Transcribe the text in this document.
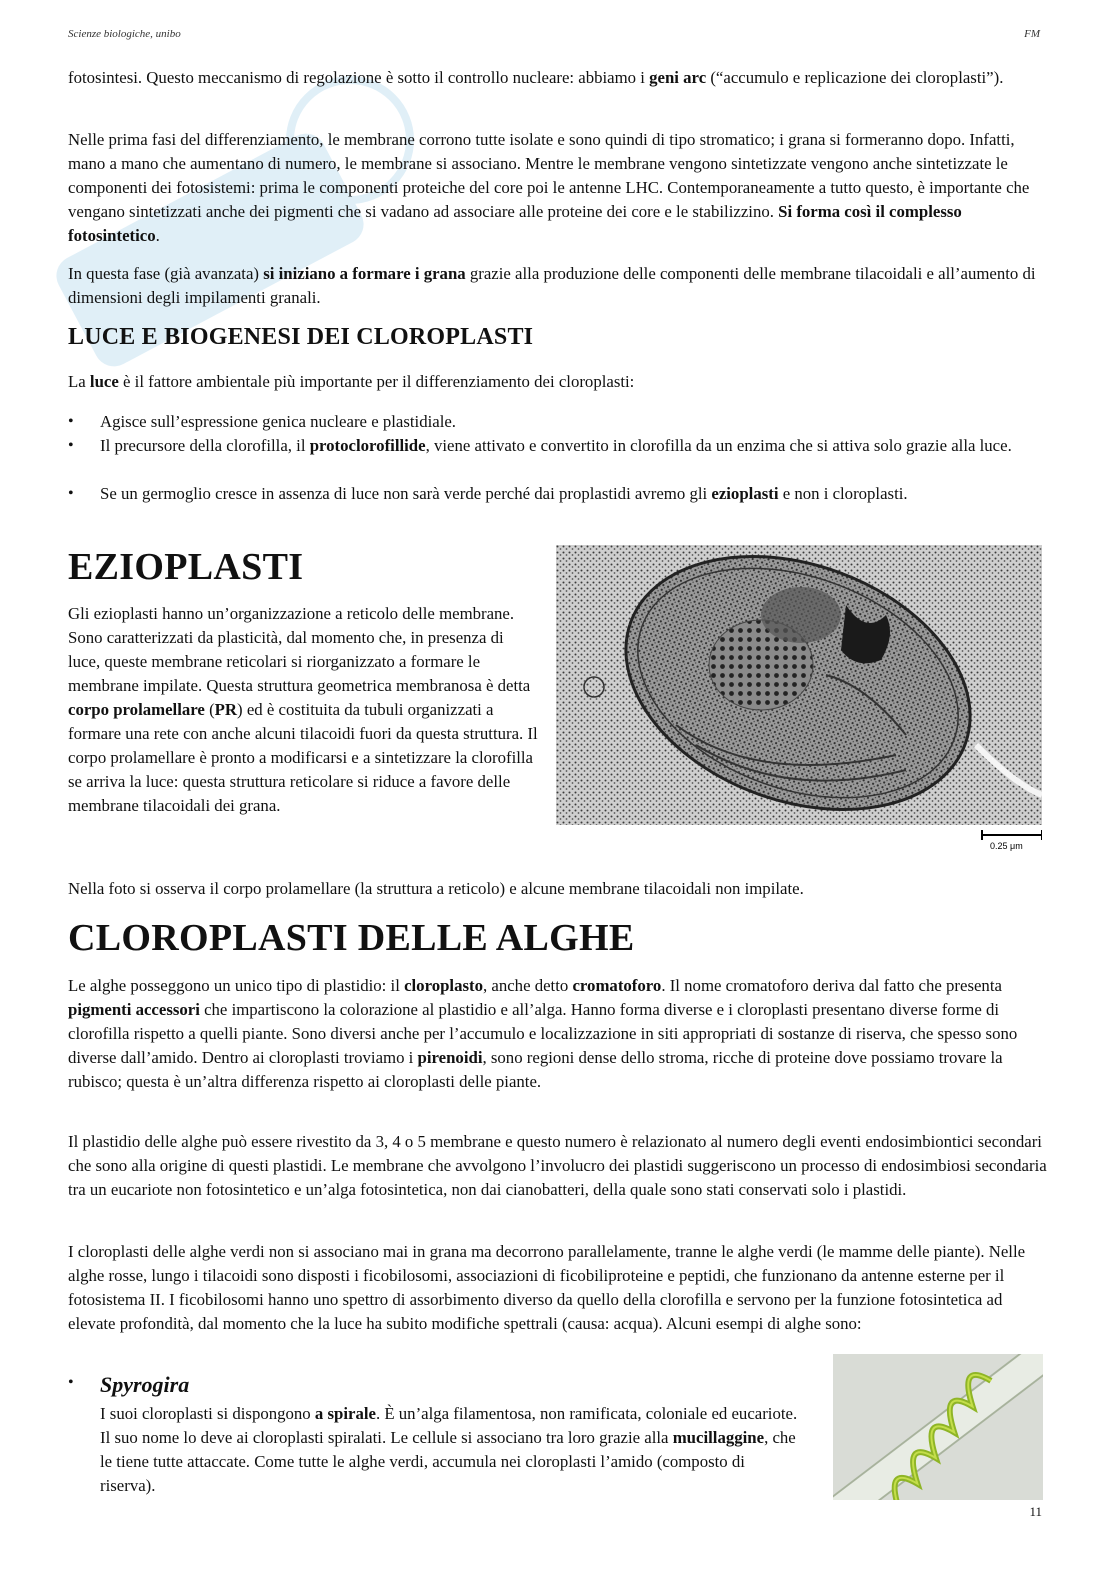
Scienze biologiche, unibo	FM

fotosintesi. Questo meccanismo di regolazione è sotto il controllo nucleare: abbiamo i geni arc (“accumulo e replicazione dei cloroplasti”).

Nelle prima fasi del differenziamento, le membrane corrono tutte isolate e sono quindi di tipo stromatico; i grana si formeranno dopo. Infatti, mano a mano che aumentano di numero, le membrane si associano. Mentre le membrane vengono sintetizzate vengono anche sintetizzate le componenti dei fotosistemi: prima le componenti proteiche del core poi le antenne LHC. Contemporaneamente a tutto questo, è importante che vengano sintetizzati anche dei pigmenti che si vadano ad associare alle proteine dei core e le stabilizzino. Si forma così il complesso fotosintetico.

In questa fase (già avanzata) si iniziano a formare i grana grazie alla produzione delle componenti delle membrane tilacoidali e all’aumento di dimensioni degli impilamenti granali.

LUCE E BIOGENESI DEI CLOROPLASTI

La luce è il fattore ambientale più importante per il differenziamento dei cloroplasti:

• Agisce sull’espressione genica nucleare e plastidiale.
• Il precursore della clorofilla, il protoclorofillide, viene attivato e convertito in clorofilla da un enzima che si attiva solo grazie alla luce.
• Se un germoglio cresce in assenza di luce non sarà verde perché dai proplastidi avremo gli ezioplasti e non i cloroplasti.
EZIOPLASTI

Gli ezioplasti hanno un’organizzazione a reticolo delle membrane. Sono caratterizzati da plasticità, dal momento che, in presenza di luce, queste membrane reticolari si riorganizzato a formare le membrane impilate. Questa struttura geometrica membranosa è detta corpo prolamellare (PR) ed è costituita da tubuli organizzati a formare una rete con anche alcuni tilacoidi fuori da questa struttura. Il corpo prolamellare è pronto a modificarsi e a sintetizzare la clorofilla se arriva la luce: questa struttura reticolare si riduce a favore delle membrane tilacoidali dei grana.

0.25 μm

Nella foto si osserva il corpo prolamellare (la struttura a reticolo) e alcune membrane tilacoidali non impilate.

CLOROPLASTI DELLE ALGHE

Le alghe posseggono un unico tipo di plastidio: il cloroplasto, anche detto cromatoforo. Il nome cromatoforo deriva dal fatto che presenta pigmenti accessori che impartiscono la colorazione al plastidio e all’alga. Hanno forma diverse e i cloroplasti presentano diverse forme di clorofilla rispetto a quelli piante. Sono diversi anche per l’accumulo e localizzazione in siti appropriati di sostanze di riserva, che spesso sono diverse dall’amido. Dentro ai cloroplasti troviamo i pirenoidi, sono regioni dense dello stroma, ricche di proteine dove possiamo trovare la rubisco; questa è un’altra differenza rispetto ai cloroplasti delle piante.

Il plastidio delle alghe può essere rivestito da 3, 4 o 5 membrane e questo numero è relazionato al numero degli eventi endosimbiontici secondari che sono alla origine di questi plastidi. Le membrane che avvolgono l’involucro dei plastidi suggeriscono un processo di endosimbiosi secondaria tra un eucariote non fotosintetico e un’alga fotosintetica, non dai cianobatteri, della quale sono stati conservati solo i plastidi.

I cloroplasti delle alghe verdi non si associano mai in grana ma decorrono parallelamente, tranne le alghe verdi (le mamme delle piante). Nelle alghe rosse, lungo i tilacoidi sono disposti i ficobilosomi, associazioni di ficobiliproteine e peptidi, che funzionano da antenne esterne per il fotosistema II. I ficobilosomi hanno uno spettro di assorbimento diverso da quello della clorofilla e servono per la funzione fotosintetica ad elevate profondità, dal momento che la luce ha subito modifiche spettrali (causa: acqua). Alcuni esempi di alghe sono:

• Spyrogira

I suoi cloroplasti si dispongono a spirale. È un’alga filamentosa, non ramificata, coloniale ed eucariote. Il suo nome lo deve ai cloroplasti spiralati. Le cellule si associano tra loro grazie alla mucillaggine, che le tiene tutte attaccate. Come tutte le alghe verdi, accumula nei cloroplasti l’amido (composto di riserva).

11
